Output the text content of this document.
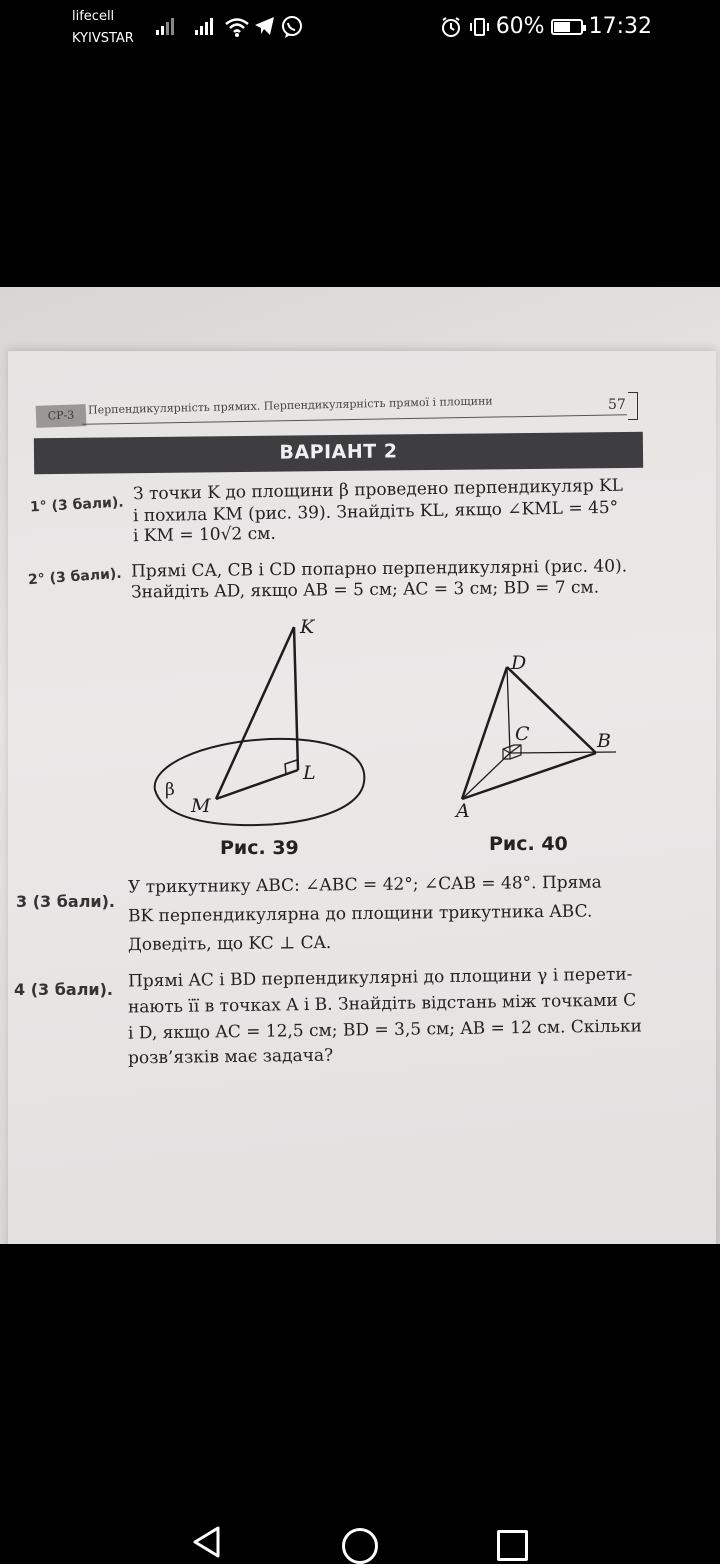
lifecell
KYIVSTAR	60% 17:32
СР-3	Перпендикулярність прямих. Перпендикулярність прямої і площини	57
ВАРІАНТ 2
1° (3 бали).
З точки K до площини β проведено перпендикуляр KL
і похила KM (рис. 39). Знайдіть KL, якщо ∠KML = 45°
і KM = 10√2 см.
2° (3 бали). Прямі CA, CB і CD попарно перпендикулярні (рис. 40).
Знайдіть AD, якщо AB = 5 см; AC = 3 см; BD = 7 см.
K
L
M
β
D
C	B
A
Рис. 39	Рис. 40
3 (3 бали).
У трикутнику ABC: ∠ABC = 42°; ∠CAB = 48°. Пряма
BK перпендикулярна до площини трикутника ABC.
Доведіть, що KC ⊥ CA.
4 (3 бали). Прямі AC і BD перпендикулярні до площини γ і перети-
нають її в точках A і B. Знайдіть відстань між точками C
і D, якщо AC = 12,5 см; BD = 3,5 см; AB = 12 см. Скільки
розв’язків має задача?
